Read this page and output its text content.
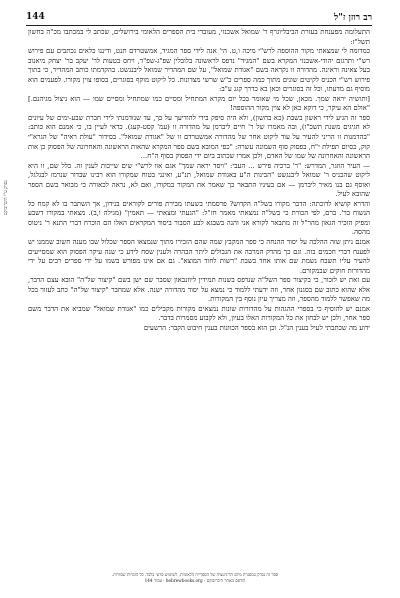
רב רוזן ז"ל
144

התעלומה מפענחת בעזרת הביבליוגרף ר' שמואל אשכנזי, מעובדי בית הספרים הלאומי בירושלים, שכתב לי במכתבו מכ"ה בחשון תשל"ז:

כמדומה לי שמצאתי מקור ההוספה לרש"י מיכה ו,ט. הי' אנה לידי ספר המגיד, אמשטרדם תנט, ודיננו כלאים נכתבים עם פירוש רש"י ותרגום יהודי-אשכנזי המקרא בשם "המגיד" נדפס לראשונה בלובלין שפ"ג-שפ"ד, ויחס בטעות לר' יעקב בר' יצחק מיאנוב בעל צאינה וראינה. מהדורה זו נקראה בשם "אגודת שמואל", על שם המהדיר שמואל ליבנגשט. בהקדמתו כותב המהדיר, כי בתוך פירוש רש"י הכניס לקיטים שונים מתוך כמה ספרים כ"ש שרשי מצדונות. כל ליקוט מוקף בסוגרים, בסופו צוין מקורו. לפעמים הוא מוסיף גם מדעתו, וכל זה בסוגרים וכאן בא כדרך קגג ע"ב:

[ותושיה יראה שמך. מכאן, שכל מי שאומר בכל יום מקרא המתחיל ומסיים כמו שמתחיל ומסיים שמו — הוא ניצול מגיהנם.] "אולם הא עיקר, כי דוקא כאן לא צוין מקור ההוספה!

ספר זה הגיע לידי ראשון בשבת (כא בחשון), ולא היה סיפק בידי להודיעך על כך, עד שנזדמנתי לידי חברת שבע-ימים של עיונים לא חגיגים משנת תשכ"ו), ובה מאמרו של ר' חיים ליברמן על מהדורה זו (עמ' קסט-קעג). כדאי לעיין בו, כי אמנם הוא כותב: "בהדמנות זו הריני להעיר על עוד ליקוט אחר של מהדורה אמשטרדם זו של "אגודת שמואל". בסידור "עולת ראיה" של הגרא"י קוק, כסיום תפילת י"ח, בפסוק סוף השמונה עשרה: "כפי המובא בשם ספר המקרא שהאות הראשונה והאחרונה של הפסוק כן אות הראשונה והאחרונה של שמו של האדם, ולכן אמרו שכתוב ביום ידי הפסוק בסוף ה"ח...

— העיר הוזגר, המדרש: "ר' ברכיה פירש ... העבי: "ויסד יראה שמך" אגם אוו לרש"י שים שייכות לענין זה. כלל שם, זו היא ליקוט שהכניס ר' שמואל ליבנגשט "הבינות ה"ע באגודת שמואל, תנ"ע, ואינני בטוח שמקורו הוא רבינו שבדור שנרמז לבגלגל, ואוסף גם בנו מאיר ליברמן — אם בעיניו התבאר כך שאמר את המקור במקורו, ואם לא, נראה לכאורה כי מבואר בשם הספר שהובא לעיל.

והדרא קושיא לדוכתה: הדבר מקורו בשל"ה הקדוש? פרסמתי בשעתו מבירת פורים לקוראים בנידון, אך השתבר בו לא קמח כל הנשוח בר'. ברם, לפי הכורת כי בשל"ה נמצאתי מאמר חז"ל: "הגעתי ומצאתי — תאמין" (מגילה ו,ב). מצאתי במקורו דשבע ומפיק הזכיר הגאון מהר"ל זה מתבאר לקורא אני והנה בשבגא לבע הסבור ביסוד המקראים האלו הם הוכרח דברי התנא ר' ניטוס מהסה.

אמנם ניתן שזה ההלכה על יסוד ההנחה כי ספר המקבץ שמה שהם הזכירו מתוך שנמצאו הספר שכלול שבו מענה חשוב שממנו יש לפענח דברי חכמים בזה. וגם כך מהדק המרבה את הגבולים ליתר הבהרה ולענין שסח לידע כי שנה עיקר הפסוק הוא שמסייעים להעיר עליו תשבח נשמת שם אותו אחד בשבת "רשות לחוד המוצא". גם אם אינו מפורש בשמו על ידי ספרים רבים על ידי מהדורות חוקים שבמקורם.

עם זאת יש לזכור, כי בקיצור ספר השל"ה שנדפס בשנות תמידין ליוזנבאון שסבר שם ישן בשם "קיצור של"ה" הובא עצם הדבר, אלא שהוא כתוב שם בסגנון אחר, וזה ידעתי ללמוד כי נמצא על יסוד מהדורה ישנה. אלא שמחבר "קיצור של"ה" כתב לעזור בכל מה שאפשר ללמוד מהספר, וזה מצריך עיון נוסף בין המקורות.

אמנם יש להוסיף כי בספרי ההגהות על מהדורות שונות נמצאים מקורות מקבילים כמו "אגודת שמואל" שמביא את הדבר משם ספר אחר, ולכן יש לבחון את כל המקורות האלו בעיון, ולא לקבוע מסמרות בדבר.

ידוע מה שכתבתי לעיל בענין הנ"ל. וכן הוא בספר הכוונות בענין חיבוט הקבר: הרשעים

נסרק ע"י היברובוקס
ספר זה נסרק במסגרת מיזם הדיגיטציה של הספרייה הלאומית, לשימוש פרטי בלבד. כל הזכויות שמורות.
הודפס מאתר היברובוקס · hebrewbooks.org · עמוד 144
